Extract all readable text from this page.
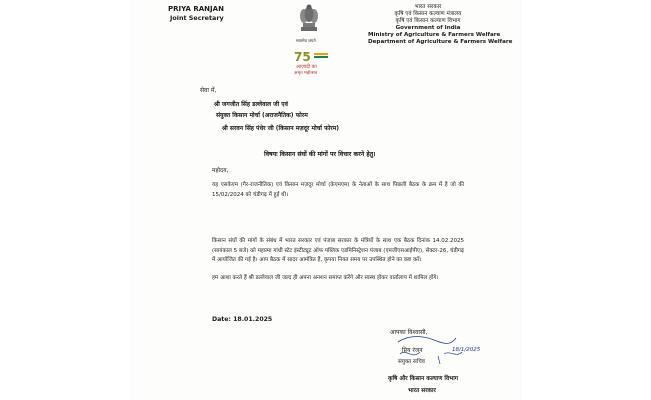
PRIYA RANJAN
Joint Secretary
सत्यमेव जयते
75
आज़ादी का
अमृत महोत्सव
भारत सरकार
कृषि एवं किसान कल्याण मंत्रालय
कृषि एवं किसान कल्याण विभाग
Government of India
Ministry of Agriculture & Farmers Welfare
Department of Agriculture & Farmers Welfare
सेवा में,
श्री जगजीत सिंह डल्लेवाल जी एवं
संयुक्त किसान मोर्चा (अराजनैतिक) फोरम
श्री सरवन सिंह पंधेर जी (किसान मज़दूर मोर्चा फोरम)
विषयः किसान संघों की मांगों पर विचार करने हेतु।
महोदय,
यह एसकेएम (गैर-राजनीतिक) एवं किसान मज़दूर मोर्चा (केएमएम) के नेताओं के साथ पिछली बैठक के क्रम में है जो की 15/02/2024 को चंडीगढ़ में हुई थी।
किसान संघों की मांगों के संबंध में भारत सरकार एवं पंजाब सरकार के मंत्रियों के साथ एक बैठक दिनांक 14.02.2025 (सायंकाल 5 बजे) को महात्मा गांधी स्टेट इंस्टीट्यूट ऑफ पब्लिक एडमिनिस्ट्रेशन पंजाब (एमजीएसआईपीए), सेक्टर-26, चंडीगढ़ में आयोजित की गई है। आप बैठक में सादर आमंत्रित हैं, कृपया नियत समय पर उपस्थित होने का कष्ट करें।
हम आशा करते हैं श्री डल्लेवाल जी जल्द ही अपना अनशन समाप्त करेंगे और स्वस्थ होकर वार्तालाप में शामिल होंगे।
Date: 18.01.2025
आपका विश्वासी,
प्रिय रंजन
संयुक्त सचिव
कृषि और किसान कल्याण विभाग
भारत सरकार
18/1/2025
